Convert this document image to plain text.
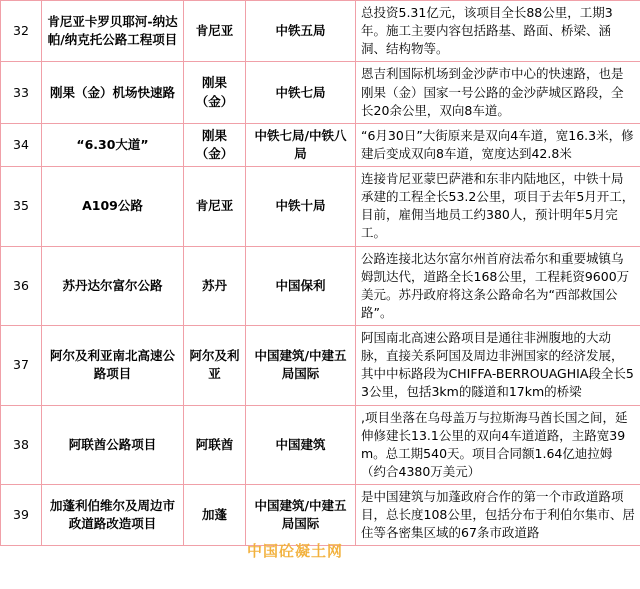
32	肯尼亚卡罗贝耶河-纳达帕/纳克托公路工程项目	肯尼亚	中铁五局	总投资5.31亿元，该项目全长88公里，工期3年。施工主要内容包括路基、路面、桥梁、涵洞、结构物等。
33	刚果（金）机场快速路	刚果（金）	中铁七局	恩吉利国际机场到金沙萨市中心的快速路，也是刚果（金）国家一号公路的金沙萨城区路段，全长20余公里，双向8车道。
34	“6.30大道”	刚果（金）	中铁七局/中铁八局	“6月30日”大街原来是双向4车道，宽16.3米，修建后变成双向8车道，宽度达到42.8米
35	A109公路	肯尼亚	中铁十局	连接肯尼亚蒙巴萨港和东非内陆地区，中铁十局承建的工程全长53.2公里，项目于去年5月开工，目前，雇佣当地员工约380人，预计明年5月完工。
36	苏丹达尔富尔公路	苏丹	中国保利	公路连接北达尔富尔州首府法希尔和重要城镇乌姆凯达代，道路全长168公里，工程耗资9600万美元。苏丹政府将这条公路命名为“西部救国公路”。
37	阿尔及利亚南北高速公路项目	阿尔及利亚	中国建筑/中建五局国际	阿国南北高速公路项目是通往非洲腹地的大动脉，直接关系阿国及周边非洲国家的经济发展，其中中标路段为CHIFFA-BERROUAGHIA段全长53公里，包括3km的隧道和17km的桥梁
38	阿联酋公路项目	阿联酋	中国建筑	,项目坐落在乌母盖万与拉斯海马酋长国之间，延伸修建长13.1公里的双向4车道道路，主路宽39m。总工期540天。项目合同额1.64亿迪拉姆（约合4380万美元）
39	加蓬利伯维尔及周边市政道路改造项目	加蓬	中国建筑/中建五局国际	是中国建筑与加蓬政府合作的第一个市政道路项目，总长度108公里，包括分布于利伯尔集市、居住等各密集区域的67条市政道路
中国砼凝土网
